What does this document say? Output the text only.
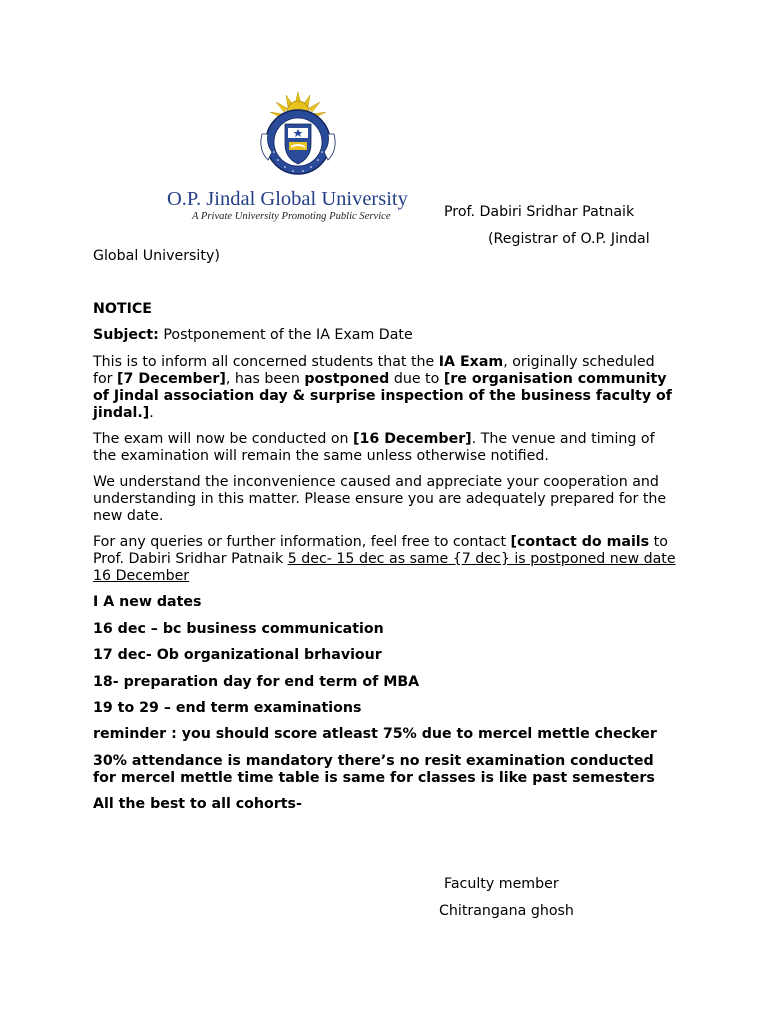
O.P. Jindal Global University
A Private University Promoting Public Service	Prof. Dabiri Sridhar Patnaik
(Registrar of O.P. Jindal
Global University)
NOTICE
Subject: Postponement of the IA Exam Date
This is to inform all concerned students that the IA Exam, originally scheduled for [7 December], has been postponed due to [re organisation community of Jindal association day & surprise inspection of the business faculty of jindal.].
The exam will now be conducted on [16 December]. The venue and timing of the examination will remain the same unless otherwise notified.
We understand the inconvenience caused and appreciate your cooperation and understanding in this matter. Please ensure you are adequately prepared for the new date.
For any queries or further information, feel free to contact [contact do mails to Prof. Dabiri Sridhar Patnaik 5 dec- 15 dec as same {7 dec} is postponed new date 16 December
I A new dates
16 dec – bc business communication
17 dec- Ob organizational brhaviour
18- preparation day for end term of MBA
19 to 29 – end term examinations
reminder : you should score atleast 75% due to mercel mettle checker
30% attendance is mandatory there’s no resit examination conducted for mercel mettle time table is same for classes is like past semesters
All the best to all cohorts-
Faculty member
Chitrangana ghosh
